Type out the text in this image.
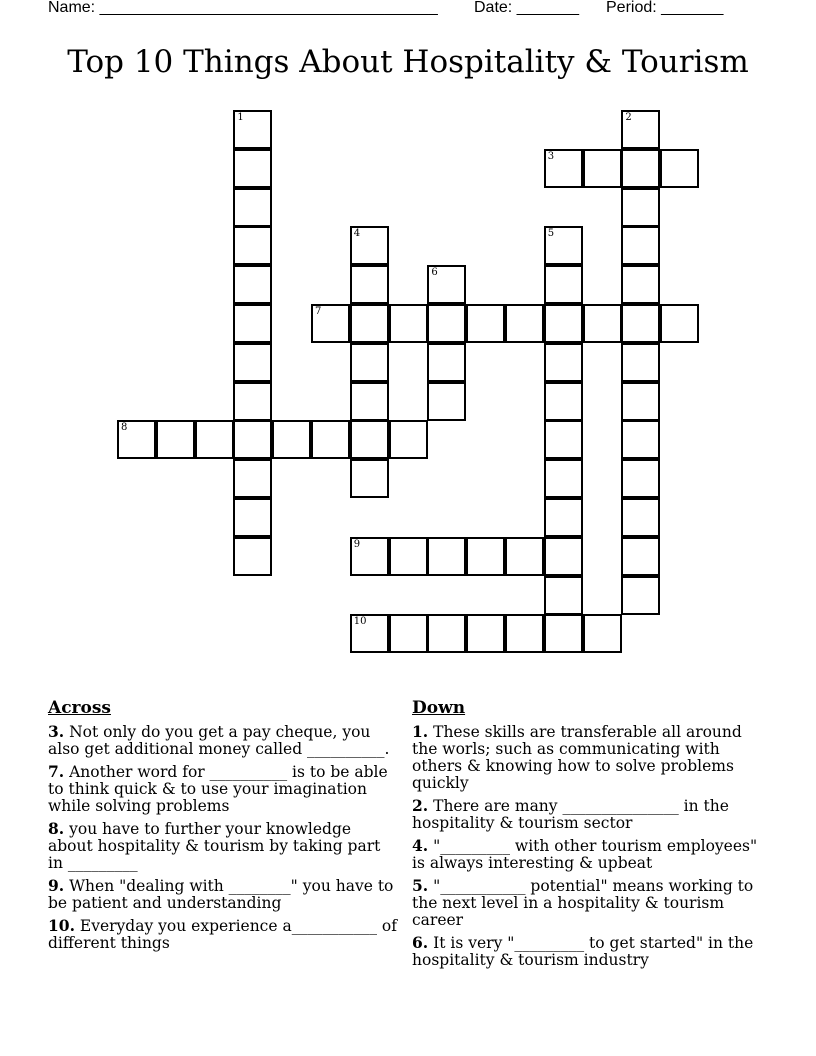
Name: ______________________________________ Date: _______ Period: _______
Top 10 Things About Hospitality & Tourism
1	2
3
4	5
6
7
8
9
10
Across
3. Not only do you get a pay cheque, you also get additional money called __________.
7. Another word for __________ is to be able to think quick & to use your imagination while solving problems
8. you have to further your knowledge about hospitality & tourism by taking part in _________
9. When "dealing with ________" you have to be patient and understanding
10. Everyday you experience a___________ of different things
Down
1. These skills are transferable all around the worls; such as communicating with others & knowing how to solve problems quickly
2. There are many _______________ in the hospitality & tourism sector
4. "_________ with other tourism employees" is always interesting & upbeat
5. "___________ potential" means working to the next level in a hospitality & tourism career
6. It is very "_________ to get started" in the hospitality & tourism industry
